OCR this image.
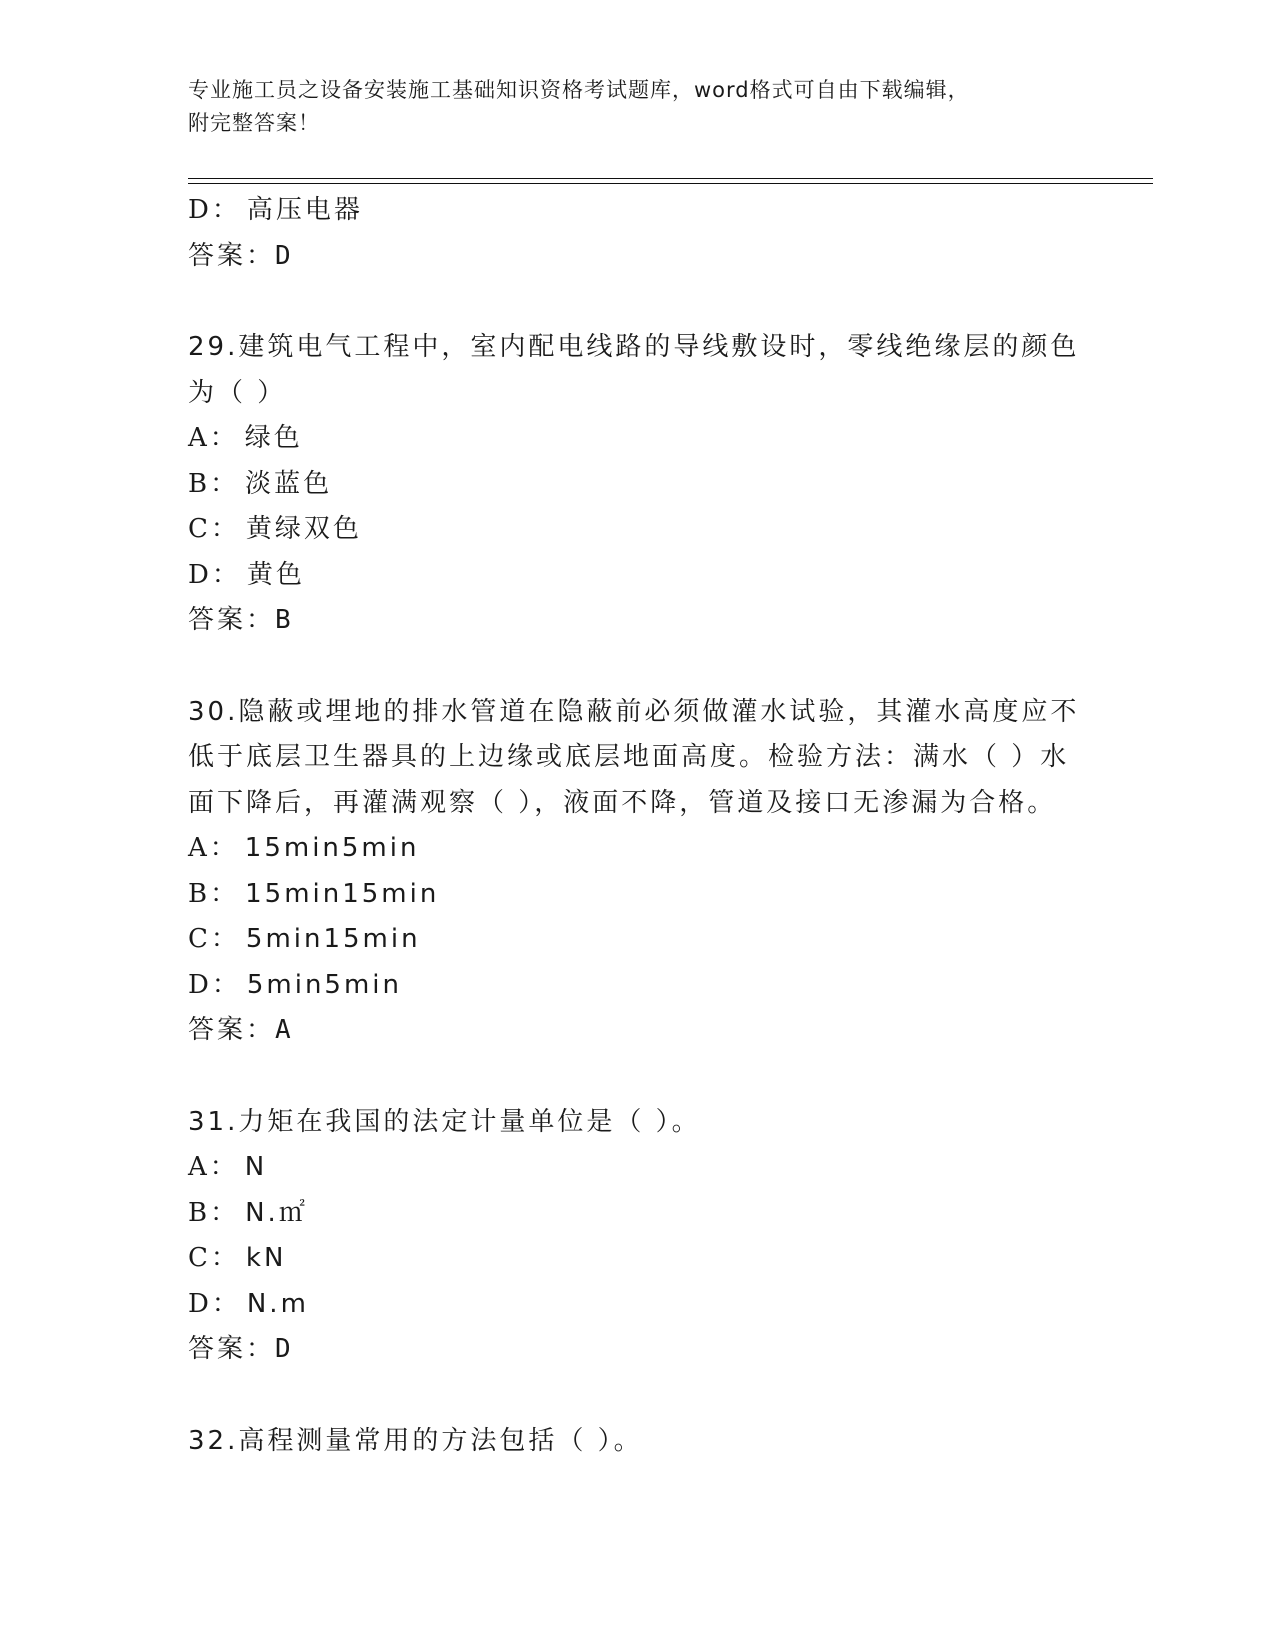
专业施工员之设备安装施工基础知识资格考试题库，word格式可自由下载编辑，
附完整答案！
D： 高压电器
答案：D
29.建筑电气工程中，室内配电线路的导线敷设时，零线绝缘层的颜色为（ ）
A： 绿色
B： 淡蓝色
C： 黄绿双色
D： 黄色
答案：B
30.隐蔽或埋地的排水管道在隐蔽前必须做灌水试验，其灌水高度应不低于底层卫生器具的上边缘或底层地面高度。检验方法：满水（ ）水面下降后，再灌满观察（ ），液面不降，管道及接口无渗漏为合格。
A： 15min5min
B： 15min15min
C： 5min15min
D： 5min5min
答案：A
31.力矩在我国的法定计量单位是（ ）。
A： N
B： N.㎡
C： kN
D： N.m
答案：D
32.高程测量常用的方法包括（ ）。
